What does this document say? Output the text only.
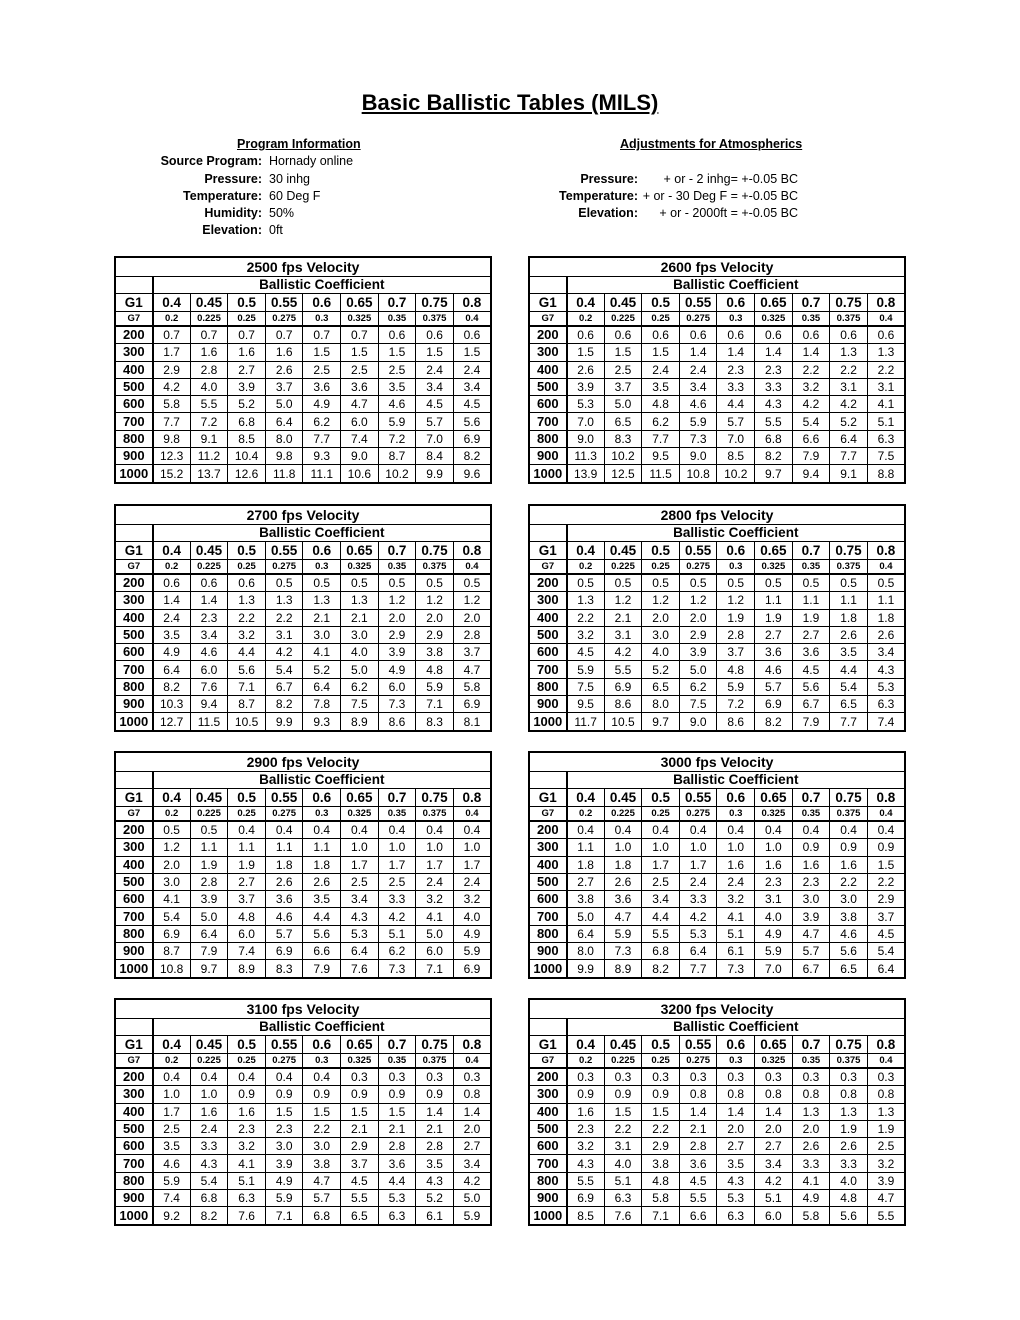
Basic Ballistic Tables (MILS)
Program Information
Source Program: Hornady online
Pressure: 30 inhg
Temperature: 60 Deg F
Humidity: 50%
Elevation: 0ft
Adjustments for Atmospherics
Pressure: + or - 2 inhg= +-0.05 BC
Temperature: + or - 30 Deg F = +-0.05 BC
Elevation: + or - 2000ft = +-0.05 BC
2500 fps Velocity									
	Ballistic Coefficient								
G1	0.4	0.45	0.5	0.55	0.6	0.65	0.7	0.75	0.8
G7	0.2	0.225	0.25	0.275	0.3	0.325	0.35	0.375	0.4
200	0.7	0.7	0.7	0.7	0.7	0.7	0.6	0.6	0.6
300	1.7	1.6	1.6	1.6	1.5	1.5	1.5	1.5	1.5
400	2.9	2.8	2.7	2.6	2.5	2.5	2.5	2.4	2.4
500	4.2	4.0	3.9	3.7	3.6	3.6	3.5	3.4	3.4
600	5.8	5.5	5.2	5.0	4.9	4.7	4.6	4.5	4.5
700	7.7	7.2	6.8	6.4	6.2	6.0	5.9	5.7	5.6
800	9.8	9.1	8.5	8.0	7.7	7.4	7.2	7.0	6.9
900	12.3	11.2	10.4	9.8	9.3	9.0	8.7	8.4	8.2
1000	15.2	13.7	12.6	11.8	11.1	10.6	10.2	9.9	9.6
2600 fps Velocity									
	Ballistic Coefficient								
G1	0.4	0.45	0.5	0.55	0.6	0.65	0.7	0.75	0.8
G7	0.2	0.225	0.25	0.275	0.3	0.325	0.35	0.375	0.4
200	0.6	0.6	0.6	0.6	0.6	0.6	0.6	0.6	0.6
300	1.5	1.5	1.5	1.4	1.4	1.4	1.4	1.3	1.3
400	2.6	2.5	2.4	2.4	2.3	2.3	2.2	2.2	2.2
500	3.9	3.7	3.5	3.4	3.3	3.3	3.2	3.1	3.1
600	5.3	5.0	4.8	4.6	4.4	4.3	4.2	4.2	4.1
700	7.0	6.5	6.2	5.9	5.7	5.5	5.4	5.2	5.1
800	9.0	8.3	7.7	7.3	7.0	6.8	6.6	6.4	6.3
900	11.3	10.2	9.5	9.0	8.5	8.2	7.9	7.7	7.5
1000	13.9	12.5	11.5	10.8	10.2	9.7	9.4	9.1	8.8
2700 fps Velocity									
	Ballistic Coefficient								
G1	0.4	0.45	0.5	0.55	0.6	0.65	0.7	0.75	0.8
G7	0.2	0.225	0.25	0.275	0.3	0.325	0.35	0.375	0.4
200	0.6	0.6	0.6	0.5	0.5	0.5	0.5	0.5	0.5
300	1.4	1.4	1.3	1.3	1.3	1.3	1.2	1.2	1.2
400	2.4	2.3	2.2	2.2	2.1	2.1	2.0	2.0	2.0
500	3.5	3.4	3.2	3.1	3.0	3.0	2.9	2.9	2.8
600	4.9	4.6	4.4	4.2	4.1	4.0	3.9	3.8	3.7
700	6.4	6.0	5.6	5.4	5.2	5.0	4.9	4.8	4.7
800	8.2	7.6	7.1	6.7	6.4	6.2	6.0	5.9	5.8
900	10.3	9.4	8.7	8.2	7.8	7.5	7.3	7.1	6.9
1000	12.7	11.5	10.5	9.9	9.3	8.9	8.6	8.3	8.1
2800 fps Velocity									
	Ballistic Coefficient								
G1	0.4	0.45	0.5	0.55	0.6	0.65	0.7	0.75	0.8
G7	0.2	0.225	0.25	0.275	0.3	0.325	0.35	0.375	0.4
200	0.5	0.5	0.5	0.5	0.5	0.5	0.5	0.5	0.5
300	1.3	1.2	1.2	1.2	1.2	1.1	1.1	1.1	1.1
400	2.2	2.1	2.0	2.0	1.9	1.9	1.9	1.8	1.8
500	3.2	3.1	3.0	2.9	2.8	2.7	2.7	2.6	2.6
600	4.5	4.2	4.0	3.9	3.7	3.6	3.6	3.5	3.4
700	5.9	5.5	5.2	5.0	4.8	4.6	4.5	4.4	4.3
800	7.5	6.9	6.5	6.2	5.9	5.7	5.6	5.4	5.3
900	9.5	8.6	8.0	7.5	7.2	6.9	6.7	6.5	6.3
1000	11.7	10.5	9.7	9.0	8.6	8.2	7.9	7.7	7.4
2900 fps Velocity									
	Ballistic Coefficient								
G1	0.4	0.45	0.5	0.55	0.6	0.65	0.7	0.75	0.8
G7	0.2	0.225	0.25	0.275	0.3	0.325	0.35	0.375	0.4
200	0.5	0.5	0.4	0.4	0.4	0.4	0.4	0.4	0.4
300	1.2	1.1	1.1	1.1	1.1	1.0	1.0	1.0	1.0
400	2.0	1.9	1.9	1.8	1.8	1.7	1.7	1.7	1.7
500	3.0	2.8	2.7	2.6	2.6	2.5	2.5	2.4	2.4
600	4.1	3.9	3.7	3.6	3.5	3.4	3.3	3.2	3.2
700	5.4	5.0	4.8	4.6	4.4	4.3	4.2	4.1	4.0
800	6.9	6.4	6.0	5.7	5.6	5.3	5.1	5.0	4.9
900	8.7	7.9	7.4	6.9	6.6	6.4	6.2	6.0	5.9
1000	10.8	9.7	8.9	8.3	7.9	7.6	7.3	7.1	6.9
3000 fps Velocity									
	Ballistic Coefficient								
G1	0.4	0.45	0.5	0.55	0.6	0.65	0.7	0.75	0.8
G7	0.2	0.225	0.25	0.275	0.3	0.325	0.35	0.375	0.4
200	0.4	0.4	0.4	0.4	0.4	0.4	0.4	0.4	0.4
300	1.1	1.0	1.0	1.0	1.0	1.0	0.9	0.9	0.9
400	1.8	1.8	1.7	1.7	1.6	1.6	1.6	1.6	1.5
500	2.7	2.6	2.5	2.4	2.4	2.3	2.3	2.2	2.2
600	3.8	3.6	3.4	3.3	3.2	3.1	3.0	3.0	2.9
700	5.0	4.7	4.4	4.2	4.1	4.0	3.9	3.8	3.7
800	6.4	5.9	5.5	5.3	5.1	4.9	4.7	4.6	4.5
900	8.0	7.3	6.8	6.4	6.1	5.9	5.7	5.6	5.4
1000	9.9	8.9	8.2	7.7	7.3	7.0	6.7	6.5	6.4
3100 fps Velocity									
	Ballistic Coefficient								
G1	0.4	0.45	0.5	0.55	0.6	0.65	0.7	0.75	0.8
G7	0.2	0.225	0.25	0.275	0.3	0.325	0.35	0.375	0.4
200	0.4	0.4	0.4	0.4	0.4	0.3	0.3	0.3	0.3
300	1.0	1.0	0.9	0.9	0.9	0.9	0.9	0.9	0.8
400	1.7	1.6	1.6	1.5	1.5	1.5	1.5	1.4	1.4
500	2.5	2.4	2.3	2.3	2.2	2.1	2.1	2.1	2.0
600	3.5	3.3	3.2	3.0	3.0	2.9	2.8	2.8	2.7
700	4.6	4.3	4.1	3.9	3.8	3.7	3.6	3.5	3.4
800	5.9	5.4	5.1	4.9	4.7	4.5	4.4	4.3	4.2
900	7.4	6.8	6.3	5.9	5.7	5.5	5.3	5.2	5.0
1000	9.2	8.2	7.6	7.1	6.8	6.5	6.3	6.1	5.9
3200 fps Velocity									
	Ballistic Coefficient								
G1	0.4	0.45	0.5	0.55	0.6	0.65	0.7	0.75	0.8
G7	0.2	0.225	0.25	0.275	0.3	0.325	0.35	0.375	0.4
200	0.3	0.3	0.3	0.3	0.3	0.3	0.3	0.3	0.3
300	0.9	0.9	0.9	0.8	0.8	0.8	0.8	0.8	0.8
400	1.6	1.5	1.5	1.4	1.4	1.4	1.3	1.3	1.3
500	2.3	2.2	2.2	2.1	2.0	2.0	2.0	1.9	1.9
600	3.2	3.1	2.9	2.8	2.7	2.7	2.6	2.6	2.5
700	4.3	4.0	3.8	3.6	3.5	3.4	3.3	3.3	3.2
800	5.5	5.1	4.8	4.5	4.3	4.2	4.1	4.0	3.9
900	6.9	6.3	5.8	5.5	5.3	5.1	4.9	4.8	4.7
1000	8.5	7.6	7.1	6.6	6.3	6.0	5.8	5.6	5.5
